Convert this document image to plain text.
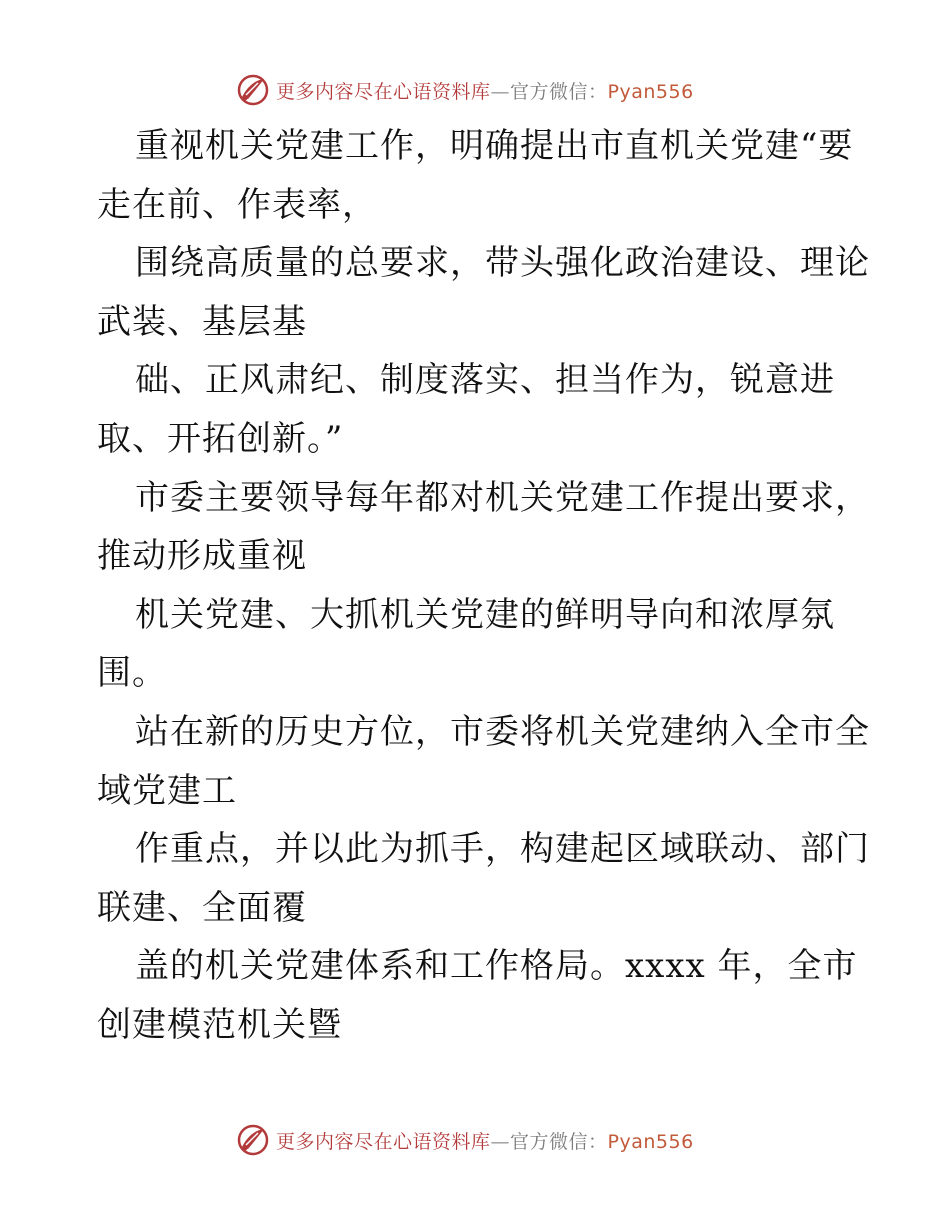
更多内容尽在心语资料库—官方微信：Pyan556
重视机关党建工作，明确提出市直机关党建“要
走在前、作表率，
围绕高质量的总要求，带头强化政治建设、理论
武装、基层基
础、正风肃纪、制度落实、担当作为，锐意进
取、开拓创新。”
市委主要领导每年都对机关党建工作提出要求，
推动形成重视
机关党建、大抓机关党建的鲜明导向和浓厚氛
围。
站在新的历史方位，市委将机关党建纳入全市全
域党建工
作重点，并以此为抓手，构建起区域联动、部门
联建、全面覆
盖的机关党建体系和工作格局。xxxx 年，全市
创建模范机关暨
更多内容尽在心语资料库—官方微信：Pyan556
